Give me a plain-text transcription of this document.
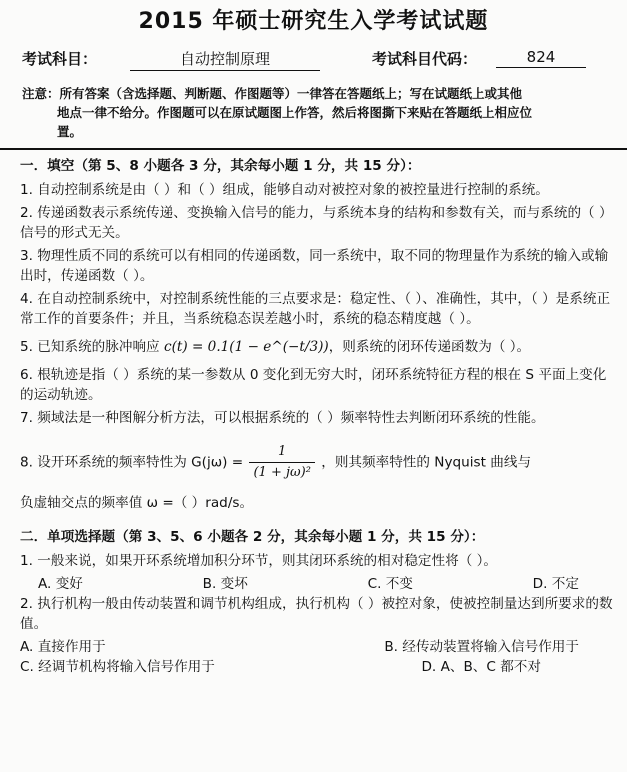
2015 年硕士研究生入学考试试题
考试科目：	自动控制原理	考试科目代码：	824
注意：所有答案（含选择题、判断题、作图题等）一律答在答题纸上；写在试题纸上或其他
地点一律不给分。作图题可以在原试题图上作答，然后将图撕下来贴在答题纸上相应位
置。
一．填空（第 5、8 小题各 3 分，其余每小题 1 分，共 15 分）：
1. 自动控制系统是由（ ）和（ ）组成，能够自动对被控对象的被控量进行控制的系统。
2. 传递函数表示系统传递、变换输入信号的能力，与系统本身的结构和参数有关，而与系统的（ ）信号的形式无关。
3. 物理性质不同的系统可以有相同的传递函数，同一系统中，取不同的物理量作为系统的输入或输出时，传递函数（ ）。
4. 在自动控制系统中，对控制系统性能的三点要求是：稳定性、（ ）、准确性，其中，（ ）是系统正常工作的首要条件；并且，当系统稳态误差越小时，系统的稳态精度越（ ）。
5. 已知系统的脉冲响应 c(t) = 0.1(1 − e^(−t/3))，则系统的闭环传递函数为（ ）。
6. 根轨迹是指（ ）系统的某一参数从 0 变化到无穷大时，闭环系统特征方程的根在 S 平面上变化的运动轨迹。
7. 频域法是一种图解分析方法，可以根据系统的（ ）频率特性去判断闭环系统的性能。
8. 设开环系统的频率特性为 $G(j\omega) = \frac{1}{\text{(1 + jω)²}}$ ，则其频率特性的 Nyquist 曲线与
负虚轴交点的频率值 ω =（ ）rad/s。
二．单项选择题（第 3、5、6 小题各 2 分，其余每小题 1 分，共 15 分）：
1. 一般来说，如果开环系统增加积分环节，则其闭环系统的相对稳定性将（ ）。
A. 变好	B. 变坏	C. 不变	D. 不定
2. 执行机构一般由传动装置和调节机构组成，执行机构（ ）被控对象，使被控制量达到所要求的数值。
A. 直接作用于	B. 经传动装置将输入信号作用于
C. 经调节机构将输入信号作用于	D. A、B、C 都不对
